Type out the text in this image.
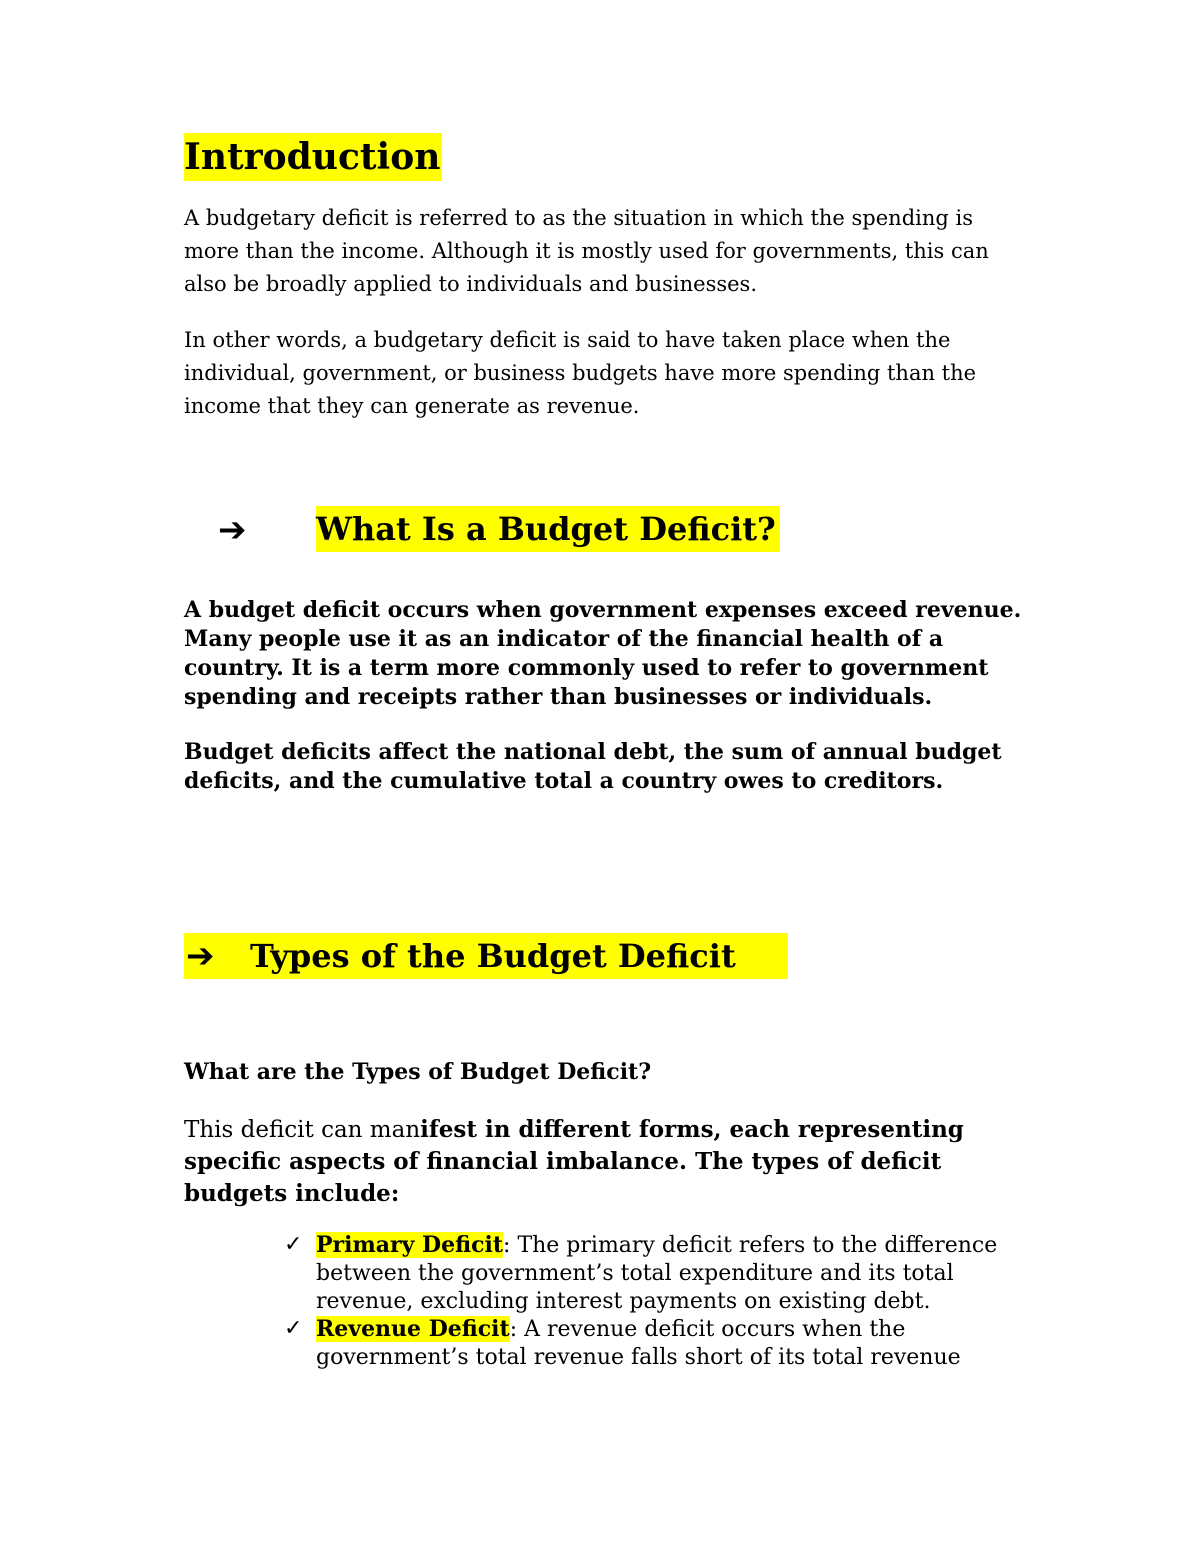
Introduction

A budgetary deficit is referred to as the situation in which the spending is more than the income. Although it is mostly used for governments, this can also be broadly applied to individuals and businesses.

In other words, a budgetary deficit is said to have taken place when the individual, government, or business budgets have more spending than the income that they can generate as revenue.

➔ What Is a Budget Deficit?

A budget deficit occurs when government expenses exceed revenue. Many people use it as an indicator of the financial health of a country. It is a term more commonly used to refer to government spending and receipts rather than businesses or individuals.

Budget deficits affect the national debt, the sum of annual budget deficits, and the cumulative total a country owes to creditors.

➔ Types of the Budget Deficit
What are the Types of Budget Deficit?

This deficit can manifest in different forms, each representing specific aspects of financial imbalance. The types of deficit budgets include:

✓ Primary Deficit: The primary deficit refers to the difference between the government’s total expenditure and its total revenue, excluding interest payments on existing debt.
✓ Revenue Deficit: A revenue deficit occurs when the government’s total revenue falls short of its total revenue
